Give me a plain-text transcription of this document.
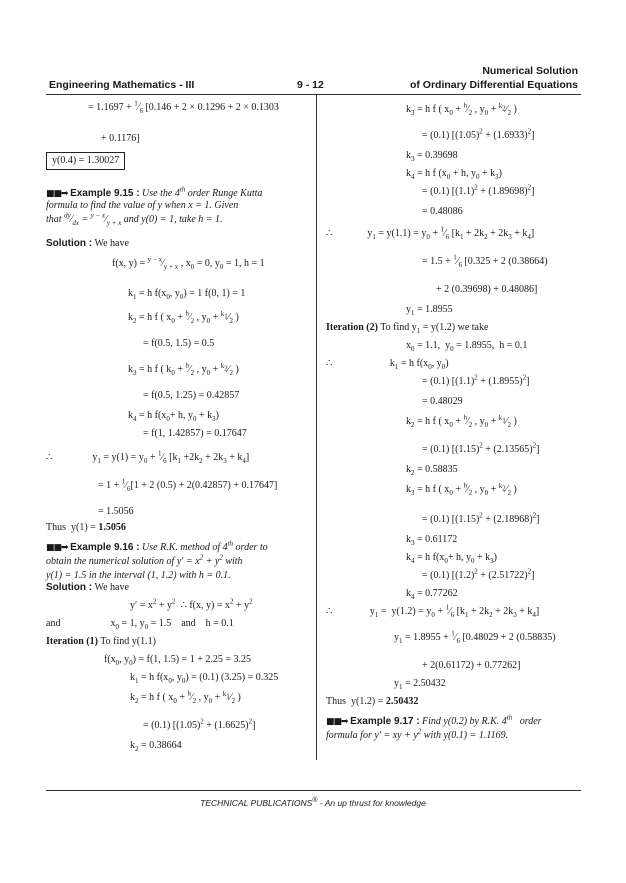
Engineering Mathematics - III	9 - 12
Numerical Solution
of Ordinary Differential Equations
= $1.1697 + ^1⁄_6$ [0.146 + 2 × 0.1296 + 2 × 0.1303
+ 0.1176]
y(0.4) = 1.30027
■■➡ Example 9.15 : Use the 4th order Runge Kutta
formula to find the value of y when x = 1. Given
that $^{dy}⁄_{dx}$ = $^{y - x}⁄_{y + x}$ and y(0) = 1, take h = 1.
Solution : We have
f(x, $y) = ^{y - x}⁄_{y + x}$ , $x_0 = 0$, $y_0 = 1$, h = 1
$k_1 = h$ $f(x_0$, $y_0) = 1$ f(0, 1) = 1
$k_2 = h$ f ( $x_0$ + $^h⁄_2$ , $y_0$ + $^{k_1}⁄_2$ )
= f(0.5, 1.5) = 0.5
$k_3 = h$ f ( $k_0$ + $^h⁄_2$ , $y_0$ + $^{k_2}⁄_2$ )
= f(0.5, 1.25) = 0.42857
$k_4 = h$ $f(x_0+ h$, $y_0 + k_3$)
= f(1, 1.42857) = 0.17647
∴                $y_1 = y(1) = y_0$ + $^1⁄_6$ $[k_1 +2k_2 + 2k_3 + k_4]$
= $1 + ^1⁄_6[1 + 2$ (0.5) + 2(0.42857) + 0.17647]
= 1.5056
Thus  y(1) = 1.5056
■■➡ Example 9.16 : Use R.K. method of 4th order to
obtain the numerical solution of $y' = x^2 + y^2$ with
y(1) = 1.5 in the interval (1, 1.2) with h = 0.1.
Solution : We have
$y' = x^2 + y^2$  ∴ f(x, $y) = x^2 + y^2$
and                    $x_0 = 1$, $y_0 = 1.5$    and    h = 0.1
Iteration (1) To find y(1.1)
$f(x_0$, $y_0) = f(1$, 1.5) = 1 + 2.25 = 3.25
$k_1 = h$ $f(x_0$, $y_0) = (0.1)$ (3.25) = 0.325
$k_2 = h$ f ( $x_0$ + $^h⁄_2$ , $y_0$ + $^{k_1}⁄_2$ )
= (0.1) $[(1.05)^2 + (1.6625)^2]$
$k_2 = 0.38664$
$k_3 = h$ f ( $x_0$ + $^h⁄_2$ , $y_0$ + $^{k_2}⁄_2$ )
= (0.1) $[(1.05)^2 + (1.6933)^2]$
$k_3 = 0.39698$
$k_4 = h$ f ($x_0 + h$, $y_0 + k_3$)
= (0.1) $[(1.1)^2 + (1.89698)^2]$
= 0.48086
∴              $y_1 = y(1.1) = y_0$ + $^1⁄_6$ $[k_1 + 2k_2 + 2k_3 + k_4]$
= $1.5 + ^1⁄_6$ [0.325 + 2 (0.38664)
+ 2 (0.39698) + 0.48086]
$y_1 = 1.8955$
Iteration (2) To find $y_1 = y(1.2)$ we take
$x_0 = 1.1$,  $y_0 = 1.8955$,  h = 0.1
∴                       $k_1 = h$ $f(x_0$, $y_0$)
= (0.1) $[(1.1)^2 + (1.8955)^2]$
= 0.48029
$k_2 = h$ f ( $x_0$ + $^h⁄_2$ , $y_0$ + $^{k_1}⁄_2$ )
= (0.1) $[(1.15)^2 + (2.13565)^2]$
$k_2 = 0.58835$
$k_3 = h$ f ( $x_0$ + $^h⁄_2$ , $y_0$ + $^{k_2}⁄_2$ )
= (0.1) $[(1.15)^2 + (2.18968)^2]$
$k_3 = 0.61172$
$k_4 = h$ $f(x_0+ h$, $y_0 + k_3$)
= (0.1) $[(1.2)^2 + (2.51722)^2]$
$k_4 = 0.77262$
∴               $y_1 = y(1.2) = y_0$ + $^1⁄_6$ $[k_1 + 2k_2 + 2k_3 + k_4]$
$y_1 = 1.8955$ + $^1⁄_6$ [0.48029 + 2 (0.58835)
+ 2(0.61172) + 0.77262]
$y_1 = 2.50432$
Thus  y(1.2) = 2.50432
■■➡ Example 9.17 : Find y(0.2) by R.K. 4th   order
formula for y′ = xy + $y^2$ with y(0.1) = 1.1169.
TECHNICAL PUBLICATIONS® - An up thrust for knowledge
